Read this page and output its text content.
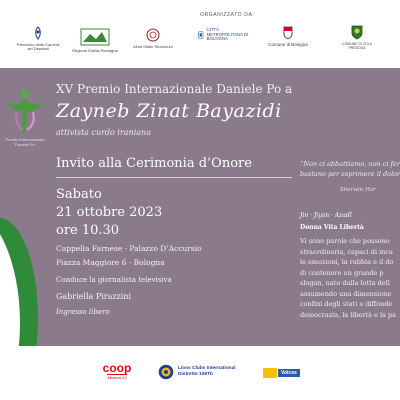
ORGANIZZATO DA:
Patrocinio della Camera dei Deputati	Regione Emilia-Romagna
Alma Mater Studiorum
CITTÀ METROPOLITANA DI BOLOGNA
Comune di Bologna	COMUNE DI ZOLA PREDOSA
Premio Internazionale "Daniele Po"
XV Premio Internazionale Daniele Po a
Zayneb Zinat Bayazidi
attivista curdo iraniana
Invito alla Cerimonia d’Onore
Sabato
21 ottobre 2023
ore 10.30
Cappella Farnese · Palazzo D’Accursio
Piazza Maggiore 6 · Bologna
Conduce la giornalista televisiva
Gabriella Pirazzini
Ingresso libero
“Non ci abbattiamo, non ci fer
bastano per esprimere il dolor
Sherwin Har
Jin · Jiyan · Azadî
Donna Vita Libertà
Vi sono parole che possono
straordinaria, capaci di inca
le emozioni, la rabbia e il do
di contenere un grande p
slogan, nato dalla lotta dell
assumendo una dimensione
confini degli stati e diffonde
democrazia, la libertà e la pa
coop
Alleanza 3.0
Lions Clubs International
Distretto 108Tb	Voices
